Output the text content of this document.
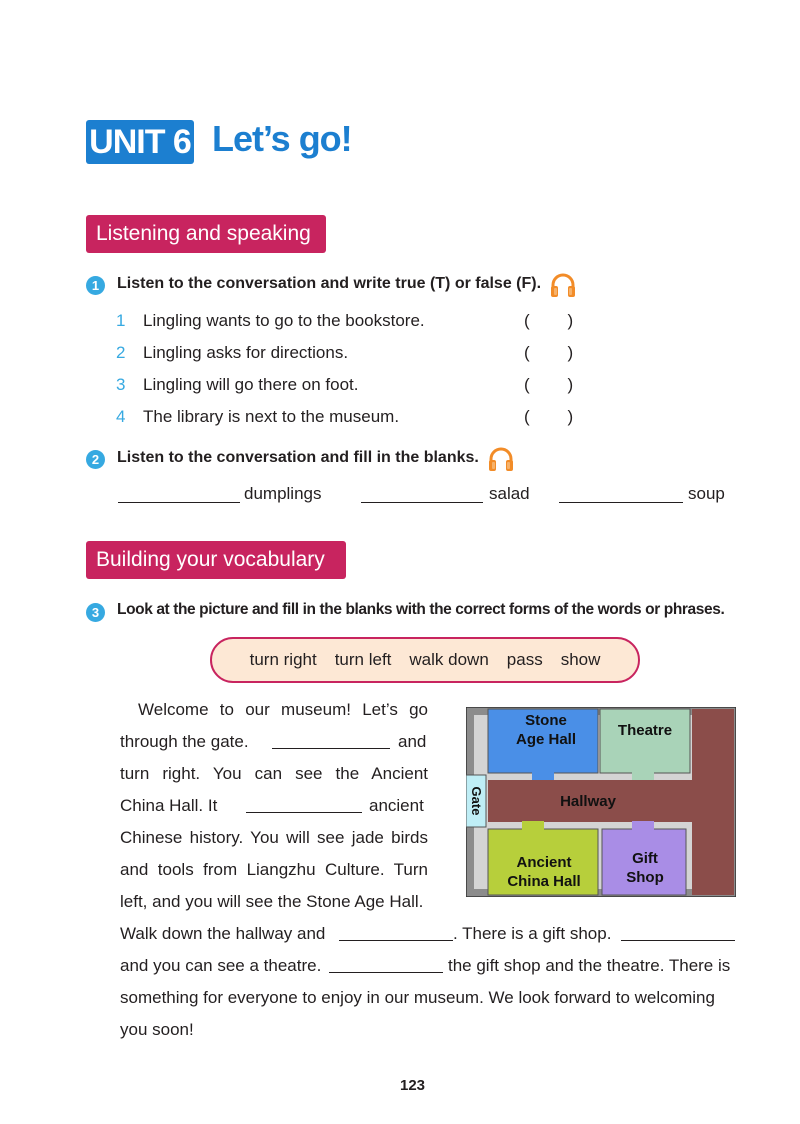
UNIT 6 Let’s go!
Listening and speaking
1	Listen to the conversation and write true (T) or false (F).
1 Lingling wants to go to the bookstore.	(        )
2 Lingling asks for directions.	(        )
3 Lingling will go there on foot.	(        )
4 The library is next to the museum.	(        )
2	Listen to the conversation and fill in the blanks.
dumplings	salad	soup
Building your vocabulary
3	Look at the picture and fill in the blanks with the correct forms of the words or phrases.
turn right turn left walk down pass show
Welcome to our museum! Let’s go
through the gate.	and
turn right. You can see the Ancient
China Hall. It	ancient
Chinese history. You will see jade birds
and tools from Liangzhu Culture. Turn
left, and you will see the Stone Age Hall.
Walk down the hallway and	. There is a gift shop.
and you can see a theatre.	the gift shop and the theatre. There is
something for everyone to enjoy in our museum. We look forward to welcoming
you soon!
Stone
Age Hall
Theatre
Hallway
Gate
Ancient
China Hall
Gift
Shop
123
